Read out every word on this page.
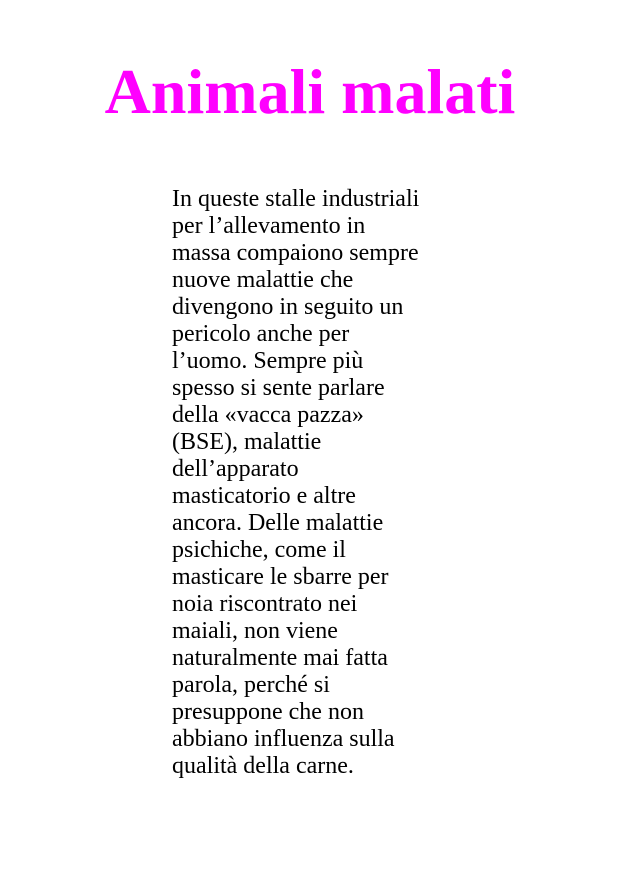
Animali malati
In queste stalle industriali
per l’allevamento in
massa compaiono sempre
nuove malattie che
divengono in seguito un
pericolo anche per
l’uomo. Sempre più
spesso si sente parlare
della «vacca pazza»
(BSE), malattie
dell’apparato
masticatorio e altre
ancora. Delle malattie
psichiche, come il
masticare le sbarre per
noia riscontrato nei
maiali, non viene
naturalmente mai fatta
parola, perché si
presuppone che non
abbiano influenza sulla
qualità della carne.
